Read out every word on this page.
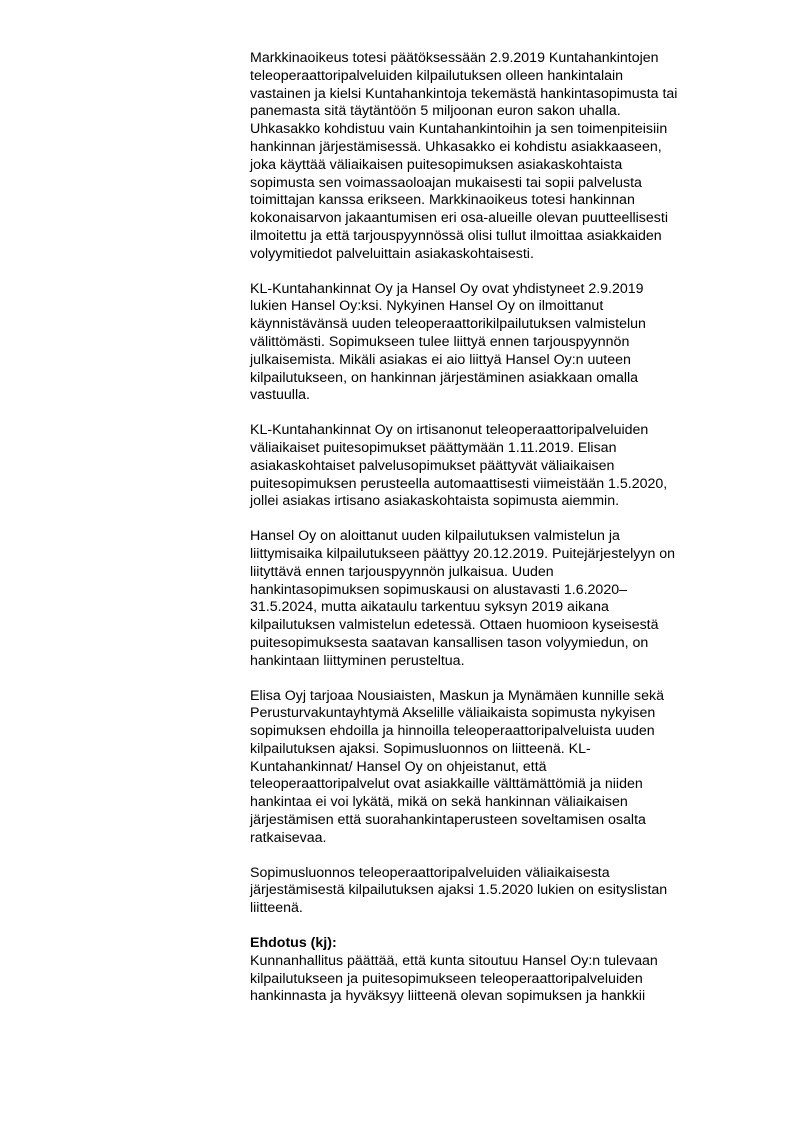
Markkinaoikeus totesi päätöksessään 2.9.2019 Kuntahankintojen
teleoperaattoripalveluiden kilpailutuksen olleen hankintalain
vastainen ja kielsi Kuntahankintoja tekemästä hankintasopimusta tai
panemasta sitä täytäntöön 5 miljoonan euron sakon uhalla.
Uhkasakko kohdistuu vain Kuntahankintoihin ja sen toimenpiteisiin
hankinnan järjestämisessä. Uhkasakko ei kohdistu asiakkaaseen,
joka käyttää väliaikaisen puitesopimuksen asiakaskohtaista
sopimusta sen voimassaoloajan mukaisesti tai sopii palvelusta
toimittajan kanssa erikseen. Markkinaoikeus totesi hankinnan
kokonaisarvon jakaantumisen eri osa-alueille olevan puutteellisesti
ilmoitettu ja että tarjouspyynnössä olisi tullut ilmoittaa asiakkaiden
volyymitiedot palveluittain asiakaskohtaisesti.
KL-Kuntahankinnat Oy ja Hansel Oy ovat yhdistyneet 2.9.2019
lukien Hansel Oy:ksi. Nykyinen Hansel Oy on ilmoittanut
käynnistävänsä uuden teleoperaattorikilpailutuksen valmistelun
välittömästi. Sopimukseen tulee liittyä ennen tarjouspyynnön
julkaisemista. Mikäli asiakas ei aio liittyä Hansel Oy:n uuteen
kilpailutukseen, on hankinnan järjestäminen asiakkaan omalla
vastuulla.
KL-Kuntahankinnat Oy on irtisanonut teleoperaattoripalveluiden
väliaikaiset puitesopimukset päättymään 1.11.2019. Elisan
asiakaskohtaiset palvelusopimukset päättyvät väliaikaisen
puitesopimuksen perusteella automaattisesti viimeistään 1.5.2020,
jollei asiakas irtisano asiakaskohtaista sopimusta aiemmin.
Hansel Oy on aloittanut uuden kilpailutuksen valmistelun ja
liittymisaika kilpailutukseen päättyy 20.12.2019. Puitejärjestelyyn on
liityttävä ennen tarjouspyynnön julkaisua. Uuden
hankintasopimuksen sopimuskausi on alustavasti 1.6.2020–
31.5.2024, mutta aikataulu tarkentuu syksyn 2019 aikana
kilpailutuksen valmistelun edetessä. Ottaen huomioon kyseisestä
puitesopimuksesta saatavan kansallisen tason volyymiedun, on
hankintaan liittyminen perusteltua.
Elisa Oyj tarjoaa Nousiaisten, Maskun ja Mynämäen kunnille sekä
Perusturvakuntayhtymä Akselille väliaikaista sopimusta nykyisen
sopimuksen ehdoilla ja hinnoilla teleoperaattoripalveluista uuden
kilpailutuksen ajaksi. Sopimusluonnos on liitteenä. KL-
Kuntahankinnat/ Hansel Oy on ohjeistanut, että
teleoperaattoripalvelut ovat asiakkaille välttämättömiä ja niiden
hankintaa ei voi lykätä, mikä on sekä hankinnan väliaikaisen
järjestämisen että suorahankintaperusteen soveltamisen osalta
ratkaisevaa.
Sopimusluonnos teleoperaattoripalveluiden väliaikaisesta
järjestämisestä kilpailutuksen ajaksi 1.5.2020 lukien on esityslistan
liitteenä.
Ehdotus (kj):
Kunnanhallitus päättää, että kunta sitoutuu Hansel Oy:n tulevaan
kilpailutukseen ja puitesopimukseen teleoperaattoripalveluiden
hankinnasta ja hyväksyy liitteenä olevan sopimuksen ja hankkii
